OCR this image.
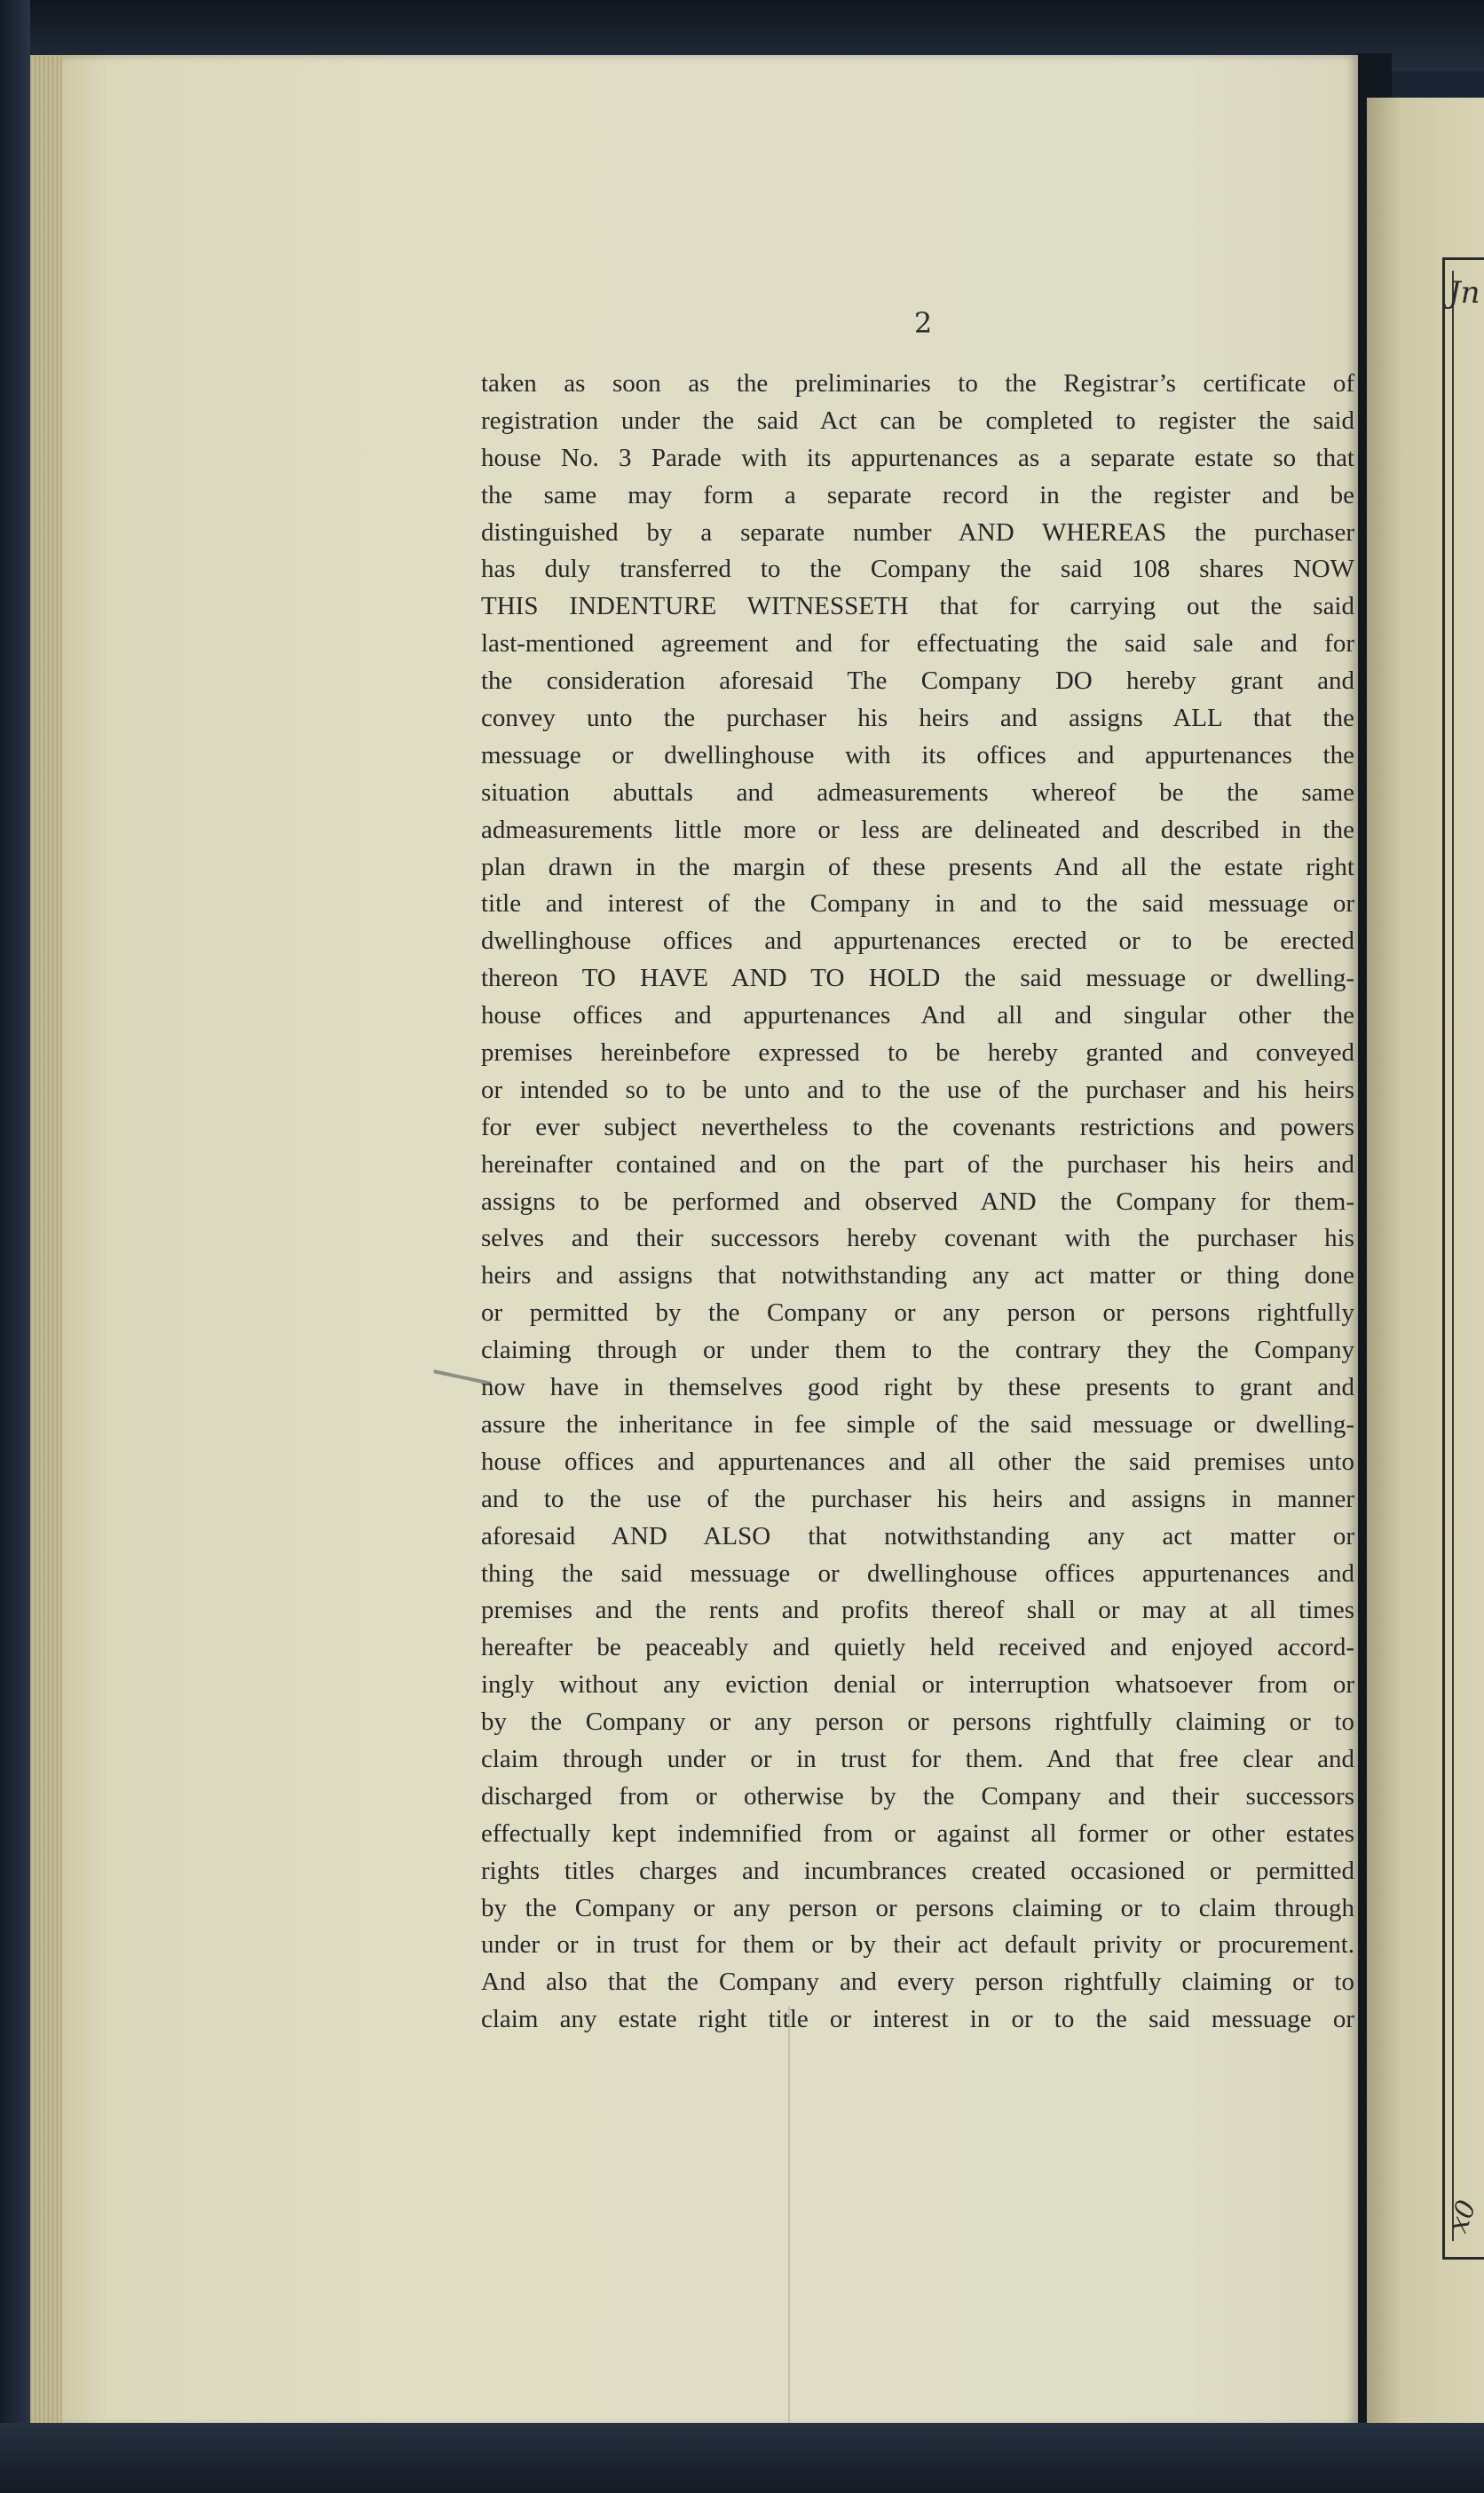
Jn
x0
2
taken as soon as the preliminaries to the Registrar’s certificate of
registration under the said Act can be completed to register the said
house No. 3 Parade with its appurtenances as a separate estate so that
the same may form a separate record in the register and be
distinguished by a separate number AND WHEREAS the purchaser
has duly transferred to the Company the said 108 shares NOW
THIS INDENTURE WITNESSETH that for carrying out the said
last-mentioned agreement and for effectuating the said sale and for
the consideration aforesaid The Company DO hereby grant and
convey unto the purchaser his heirs and assigns ALL that the
messuage or dwellinghouse with its offices and appurtenances the
situation abuttals and admeasurements whereof be the same
admeasurements little more or less are delineated and described in the
plan drawn in the margin of these presents And all the estate right
title and interest of the Company in and to the said messuage or
dwellinghouse offices and appurtenances erected or to be erected
thereon TO HAVE AND TO HOLD the said messuage or dwelling-
house offices and appurtenances And all and singular other the
premises hereinbefore expressed to be hereby granted and conveyed
or intended so to be unto and to the use of the purchaser and his heirs
for ever subject nevertheless to the covenants restrictions and powers
hereinafter contained and on the part of the purchaser his heirs and
assigns to be performed and observed AND the Company for them-
selves and their successors hereby covenant with the purchaser his
heirs and assigns that notwithstanding any act matter or thing done
or permitted by the Company or any person or persons rightfully
claiming through or under them to the contrary they the Company
now have in themselves good right by these presents to grant and
assure the inheritance in fee simple of the said messuage or dwelling-
house offices and appurtenances and all other the said premises unto
and to the use of the purchaser his heirs and assigns in manner
aforesaid AND ALSO that notwithstanding any act matter or
thing the said messuage or dwellinghouse offices appurtenances and
premises and the rents and profits thereof shall or may at all times
hereafter be peaceably and quietly held received and enjoyed accord-
ingly without any eviction denial or interruption whatsoever from or
by the Company or any person or persons rightfully claiming or to
claim through under or in trust for them. And that free clear and
discharged from or otherwise by the Company and their successors
effectually kept indemnified from or against all former or other estates
rights titles charges and incumbrances created occasioned or permitted
by the Company or any person or persons claiming or to claim through
under or in trust for them or by their act default privity or procurement.
And also that the Company and every person rightfully claiming or to
claim any estate right title or interest in or to the said messuage or
